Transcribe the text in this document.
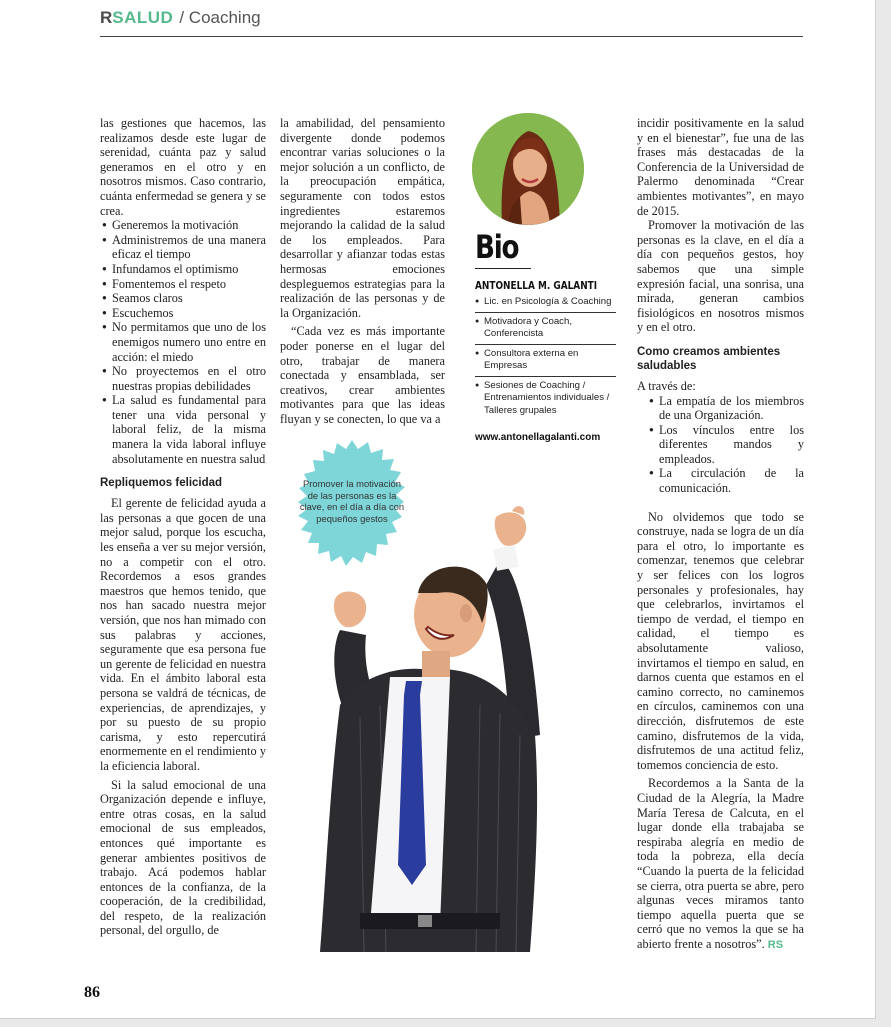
RSALUD / Coaching

las gestiones que hacemos, las realizamos desde este lugar de serenidad, cuánta paz y salud generamos en el otro y en nosotros mismos. Caso contrario, cuánta enfermedad se genera y se crea.

● Generemos la motivación
● Administremos de una manera eficaz el tiempo
● Infundamos el optimismo
● Fomentemos el respeto
● Seamos claros
● Escuchemos
● No permitamos que uno de los enemigos numero uno entre en acción: el miedo
● No proyectemos en el otro nuestras propias debilidades
● La salud es fundamental para tener una vida personal y laboral feliz, de la misma manera la vida laboral influye absolutamente en nuestra salud
Repliquemos felicidad

El gerente de felicidad ayuda a las personas a que gocen de una mejor salud, porque los escucha, les enseña a ver su mejor versión, no a competir con el otro. Recordemos a esos grandes maestros que hemos tenido, que nos han sacado nuestra mejor versión, que nos han mimado con sus palabras y acciones, seguramente que esa persona fue un gerente de felicidad en nuestra vida. En el ámbito laboral esta persona se valdrá de técnicas, de experiencias, de aprendizajes, y por su puesto de su propio carisma, y esto repercutirá enormemente en el rendimiento y la eficiencia laboral.

Si la salud emocional de una Organización depende e influye, entre otras cosas, en la salud emocional de sus empleados, entonces qué importante es generar ambientes positivos de trabajo. Acá podemos hablar entonces de la confianza, de la cooperación, de la credibilidad, del respeto, de la realización personal, del orgullo, de

la amabilidad, del pensamiento divergente donde podemos encontrar varias soluciones o la mejor solución a un conflicto, de la preocupación empática, seguramente con todos estos ingredientes estaremos mejorando la calidad de la salud de los empleados. Para desarrollar y afianzar todas estas hermosas emociones despleguemos estrategias para la realización de las personas y de la Organización.

“Cada vez es más importante poder ponerse en el lugar del otro, trabajar de manera conectada y ensamblada, ser creativos, crear ambientes motivantes para que las ideas fluyan y se conecten, lo que va a

Bio
ANTONELLA M. GALANTI
● Lic. en Psicología & Coaching
● Motivadora y Coach, Conferencista
● Consultora externa en Empresas
● Sesiones de Coaching / Entrenamientos individuales / Talleres grupales
www.antonellagalanti.com
Promover la motivación de las personas es la clave, en el día a día con pequeños gestos

incidir positivamente en la salud y en el bienestar”, fue una de las frases más destacadas de la Conferencia de la Universidad de Palermo denominada “Crear ambientes motivantes”, en mayo de 2015.

Promover la motivación de las personas es la clave, en el día a día con pequeños gestos, hoy sabemos que una simple expresión facial, una sonrisa, una mirada, generan cambios fisiológicos en nosotros mismos y en el otro.

Como creamos ambientes saludables

A través de:

● La empatía de los miembros de una Organización.
● Los vínculos entre los diferentes mandos y empleados.
● La circulación de la comunicación.

No olvidemos que todo se construye, nada se logra de un día para el otro, lo importante es comenzar, tenemos que celebrar y ser felices con los logros personales y profesionales, hay que celebrarlos, invirtamos el tiempo de verdad, el tiempo en calidad, el tiempo es absolutamente valioso, invirtamos el tiempo en salud, en darnos cuenta que estamos en el camino correcto, no caminemos en círculos, caminemos con una dirección, disfrutemos de este camino, disfrutemos de la vida, disfrutemos de una actitud feliz, tomemos conciencia de esto.

Recordemos a la Santa de la Ciudad de la Alegría, la Madre María Teresa de Calcuta, en el lugar donde ella trabajaba se respiraba alegría en medio de toda la pobreza, ella decía “Cuando la puerta de la felicidad se cierra, otra puerta se abre, pero algunas veces miramos tanto tiempo aquella puerta que se cerró que no vemos la que se ha abierto frente a nosotros”. RS

86
